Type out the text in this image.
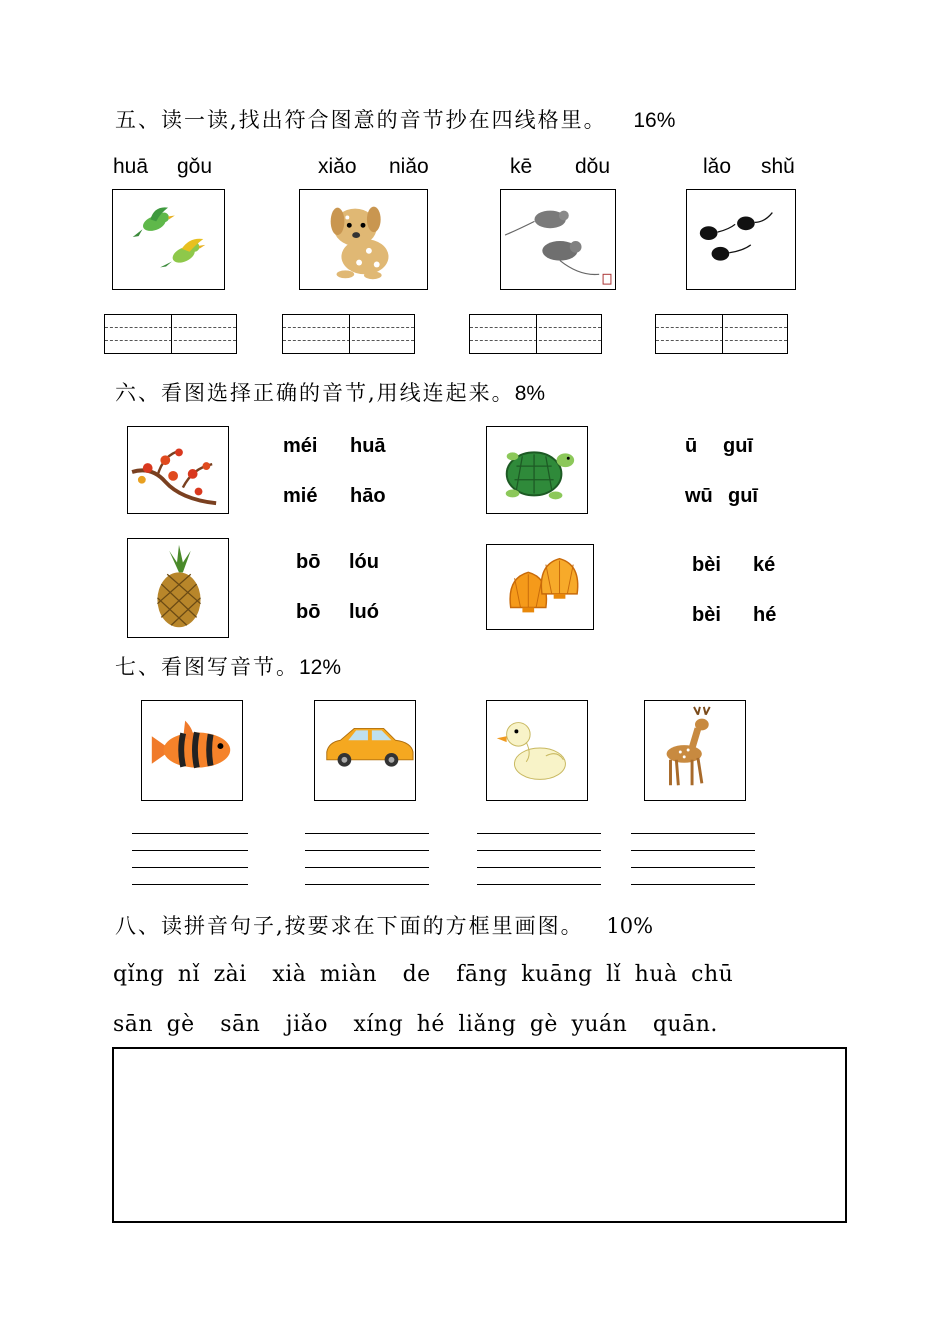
五、读一读,找出符合图意的音节抄在四线格里。 16%
huā gǒu	xiǎo niǎo	kē dǒu	lǎo shǔ
六、看图选择正确的音节,用线连起来。8%
méi huā
mié hāo
ū guī
wū guī
bō lóu
bō luó
bèi ké
bèi hé
七、看图写音节。12%
八、读拼音句子,按要求在下面的方框里画图。 10%
qǐng nǐ zài xià miàn de fāng kuāng lǐ huà chū
sān gè sān jiǎo xíng hé liǎng gè yuán quān.
